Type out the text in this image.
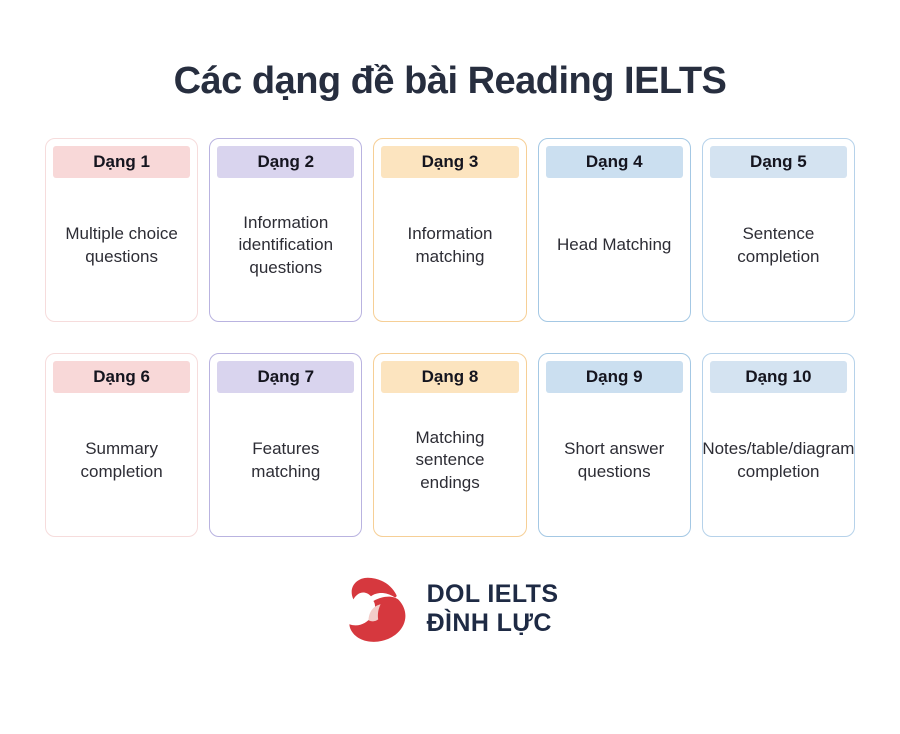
Các dạng đề bài Reading IELTS
Dạng 1
Multiple choice questions
Dạng 2
Information identification questions
Dạng 3
Information matching
Dạng 4
Head Matching
Dạng 5
Sentence completion
Dạng 6
Summary completion
Dạng 7
Features matching
Dạng 8
Matching sentence endings
Dạng 9
Short answer questions
Dạng 10
Notes/table/diagram completion
DOL IELTS
ĐÌNH LỰC
